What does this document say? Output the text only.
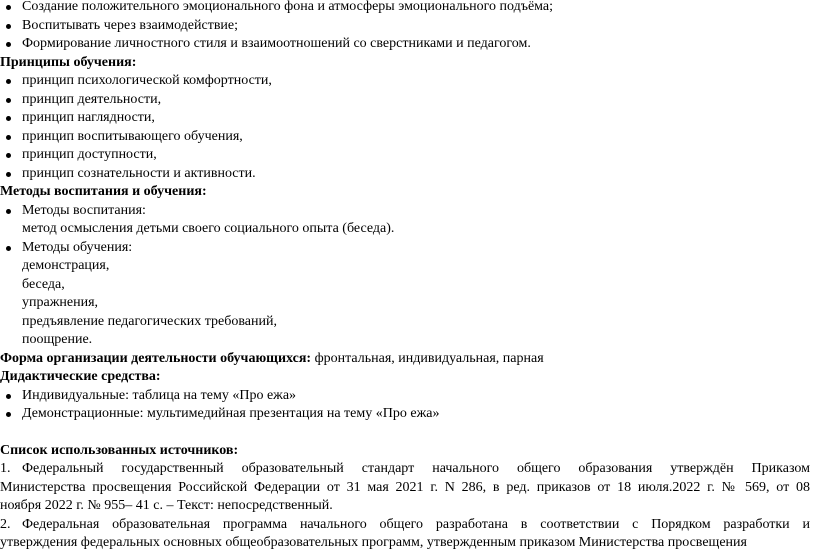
Создание положительного эмоционального фона и атмосферы эмоционального подъёма;
Воспитывать через взаимодействие;
Формирование личностного стиля и взаимоотношений со сверстниками и педагогом.
Принципы обучения:
принцип психологической комфортности,
принцип деятельности,
принцип наглядности,
принцип воспитывающего обучения,
принцип доступности,
принцип сознательности и активности.
Методы воспитания и обучения:
Методы воспитания:
метод осмысления детьми своего социального опыта (беседа).
Методы обучения:
демонстрация,
беседа,
упражнения,
предъявление педагогических требований,
поощрение.
Форма организации деятельности обучающихся: фронтальная, индивидуальная, парная
Дидактические средства:
Индивидуальные: таблица на тему «Про ежа»
Демонстрационные: мультимедийная презентация на тему «Про ежа»
Список использованных источников:
1. Федеральный государственный образовательный стандарт начального общего образования утверждён Приказом
Министерства просвещения Российской Федерации от 31 мая 2021 г. N 286, в ред. приказов от 18 июля.2022 г. № 569, от 08
ноября 2022 г. № 955– 41 с. – Текст: непосредственный.
2. Федеральная образовательная программа начального общего разработана в соответствии с Порядком разработки и
утверждения федеральных основных общеобразовательных программ, утвержденным приказом Министерства просвещения
